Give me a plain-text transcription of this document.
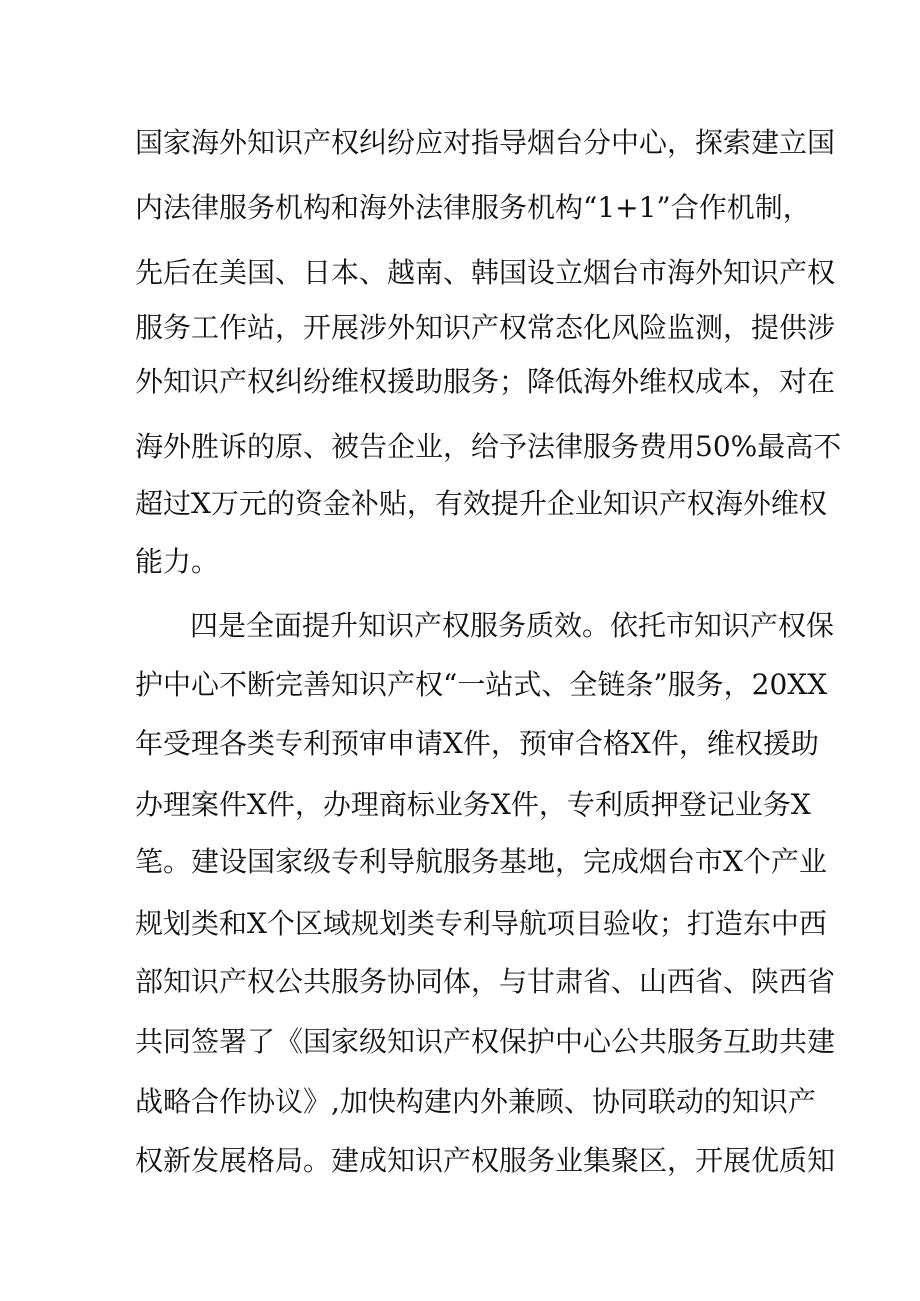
国家海外知识产权纠纷应对指导烟台分中心，探索建立国

内法律服务机构和海外法律服务机构“1+1”合作机制，

先后在美国、日本、越南、韩国设立烟台市海外知识产权

服务工作站，开展涉外知识产权常态化风险监测，提供涉

外知识产权纠纷维权援助服务；降低海外维权成本，对在

海外胜诉的原、被告企业，给予法律服务费用50%最高不

超过X万元的资金补贴，有效提升企业知识产权海外维权

能力。

四是全面提升知识产权服务质效。依托市知识产权保

护中心不断完善知识产权“一站式、全链条”服务，20XX

年受理各类专利预审申请X件，预审合格X件，维权援助

办理案件X件，办理商标业务X件，专利质押登记业务X

笔。建设国家级专利导航服务基地，完成烟台市X个产业

规划类和X个区域规划类专利导航项目验收；打造东中西

部知识产权公共服务协同体，与甘肃省、山西省、陕西省

共同签署了《国家级知识产权保护中心公共服务互助共建

战略合作协议》,加快构建内外兼顾、协同联动的知识产

权新发展格局。建成知识产权服务业集聚区，开展优质知
